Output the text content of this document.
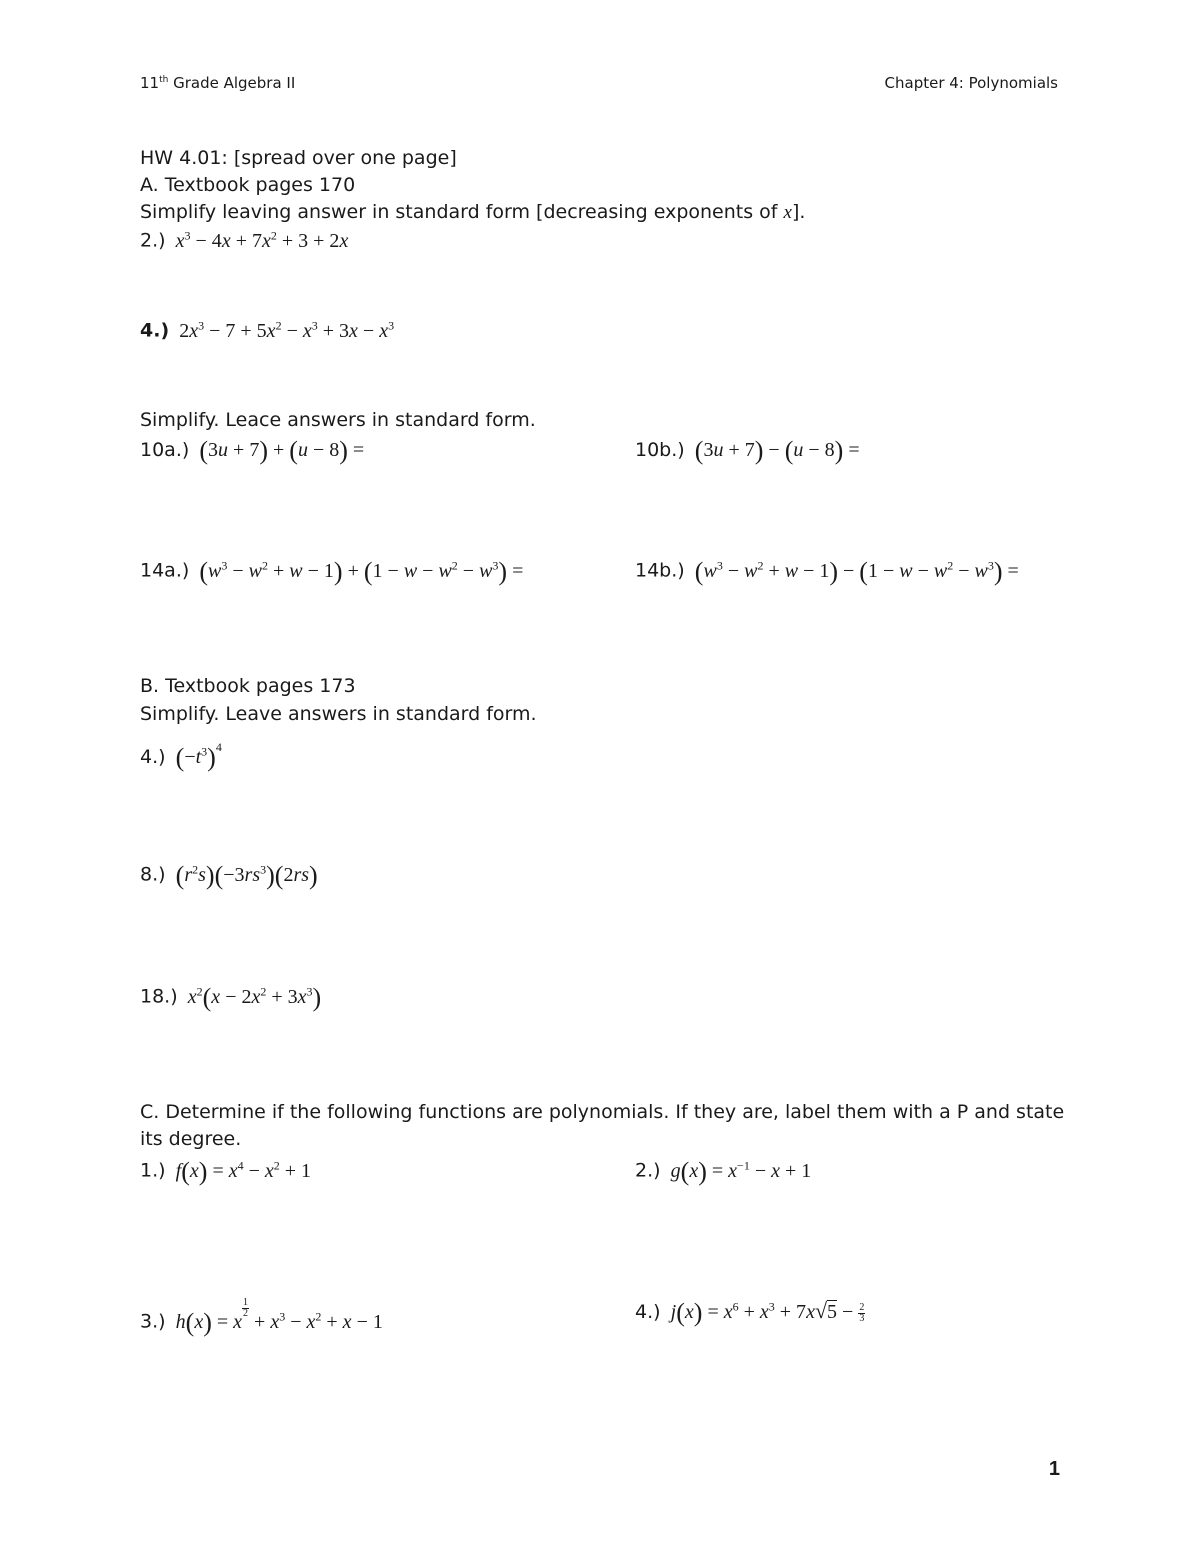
11th Grade Algebra II	Chapter 4: Polynomials
HW 4.01: [spread over one page]
A. Textbook pages 170
Simplify leaving answer in standard form [decreasing exponents of x].
2.) $x^3 - 4x + 7x^2 + 3 + 2x$
4.)  $2x^3 - 7 + 5x^2 - x^3 + 3x - x^3$
Simplify. Leace answers in standard form.
10a.) (3u + 7) + (u − 8) =	10b.) (3u + 7) − (u − 8) =
14a.) $(w^3 - w^2 + w - 1) + (1 - w - w^2 - w^3)$ =	14b.) $(w^3 - w^2 + w - 1) - (1 - w - w^2 - w^3)$ =
B. Textbook pages 173
Simplify. Leave answers in standard form.
4.) $(-t^3)^4$
8.) $(r^2s)(-3rs^3)(2rs)$
18.) $x^2(x - 2x^2 + 3x^3)$
C. Determine if the following functions are polynomials. If they are, label them with a P and state
its degree.
1.) $f(x) = x^4 - x^2 + 1$	2.) $g(x) = x^{-1} - x + 1$
3.) h(x) = x
$^{\frac{1}{2}}$
+ $x^3 - x^2 + x - 1$	4.) $j(x) = x^6 + x^3 + 7x√5 - \frac{2}{3}$
1
